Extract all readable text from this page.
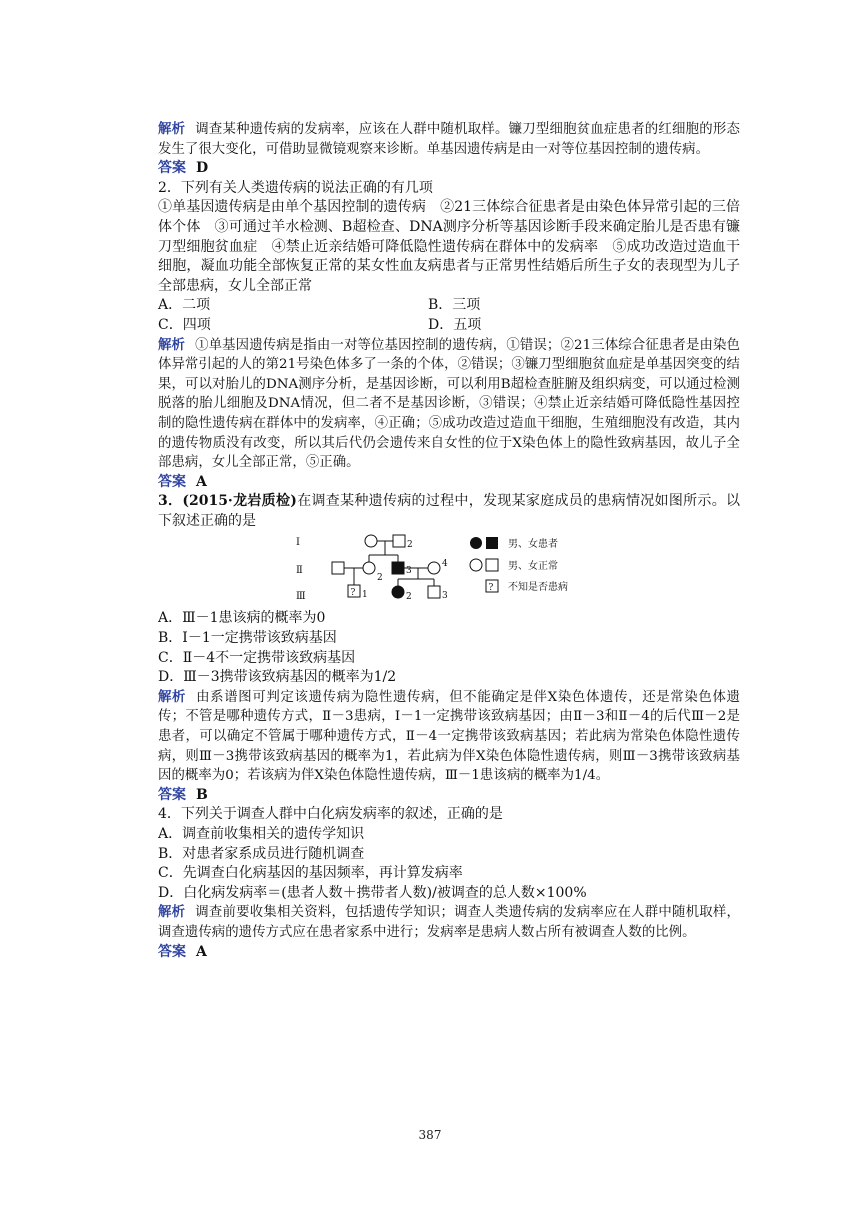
解析 调查某种遗传病的发病率，应该在人群中随机取样。镰刀型细胞贫血症患者的红细胞的形态发生了很大变化，可借助显微镜观察来诊断。单基因遗传病是由一对等位基因控制的遗传病。

答案 D

2．下列有关人类遗传病的说法正确的有几项

①单基因遗传病是由单个基因控制的遗传病　②21三体综合征患者是由染色体异常引起的三倍体个体　③可通过羊水检测、B超检查、DNA测序分析等基因诊断手段来确定胎儿是否患有镰刀型细胞贫血症　④禁止近亲结婚可降低隐性遗传病在群体中的发病率　⑤成功改造过造血干细胞，凝血功能全部恢复正常的某女性血友病患者与正常男性结婚后所生子女的表现型为儿子全部患病，女儿全部正常

A．二项	B．三项
C．四项	D．五项

解析 ①单基因遗传病是指由一对等位基因控制的遗传病，①错误；②21三体综合征患者是由染色体异常引起的人的第21号染色体多了一条的个体，②错误；③镰刀型细胞贫血症是单基因突变的结果，可以对胎儿的DNA测序分析，是基因诊断，可以利用B超检查脏腑及组织病变，可以通过检测脱落的胎儿细胞及DNA情况，但二者不是基因诊断，③错误；④禁止近亲结婚可降低隐性基因控制的隐性遗传病在群体中的发病率，④正确；⑤成功改造过造血干细胞，生殖细胞没有改造，其内的遗传物质没有改变，所以其后代仍会遗传来自女性的位于X染色体上的隐性致病基因，故儿子全部患病，女儿全部正常，⑤正确。

答案 A

3．(2015·龙岩质检)在调查某种遗传病的过程中，发现某家庭成员的患病情况如图所示。以下叙述正确的是

Ⅰ
Ⅱ
Ⅲ
2
2
3
4
? 1	2	3
男、女患者
男、女正常
? 不知是否患病

A．Ⅲ－1患该病的概率为0

B．Ⅰ－1一定携带该致病基因

C．Ⅱ－4不一定携带该致病基因

D．Ⅲ－3携带该致病基因的概率为1/2

解析 由系谱图可判定该遗传病为隐性遗传病，但不能确定是伴X染色体遗传，还是常染色体遗传；不管是哪种遗传方式，Ⅱ－3患病，Ⅰ－1一定携带该致病基因；由Ⅱ－3和Ⅱ－4的后代Ⅲ－2是患者，可以确定不管属于哪种遗传方式，Ⅱ－4一定携带该致病基因；若此病为常染色体隐性遗传病，则Ⅲ－3携带该致病基因的概率为1，若此病为伴X染色体隐性遗传病，则Ⅲ－3携带该致病基因的概率为0；若该病为伴X染色体隐性遗传病，Ⅲ－1患该病的概率为1/4。

答案 B

4．下列关于调查人群中白化病发病率的叙述，正确的是

A．调查前收集相关的遗传学知识

B．对患者家系成员进行随机调查

C．先调查白化病基因的基因频率，再计算发病率

D．白化病发病率＝(患者人数＋携带者人数)/被调查的总人数×100%

解析 调查前要收集相关资料，包括遗传学知识；调查人类遗传病的发病率应在人群中随机取样，调查遗传病的遗传方式应在患者家系中进行；发病率是患病人数占所有被调查人数的比例。

答案 A

387
